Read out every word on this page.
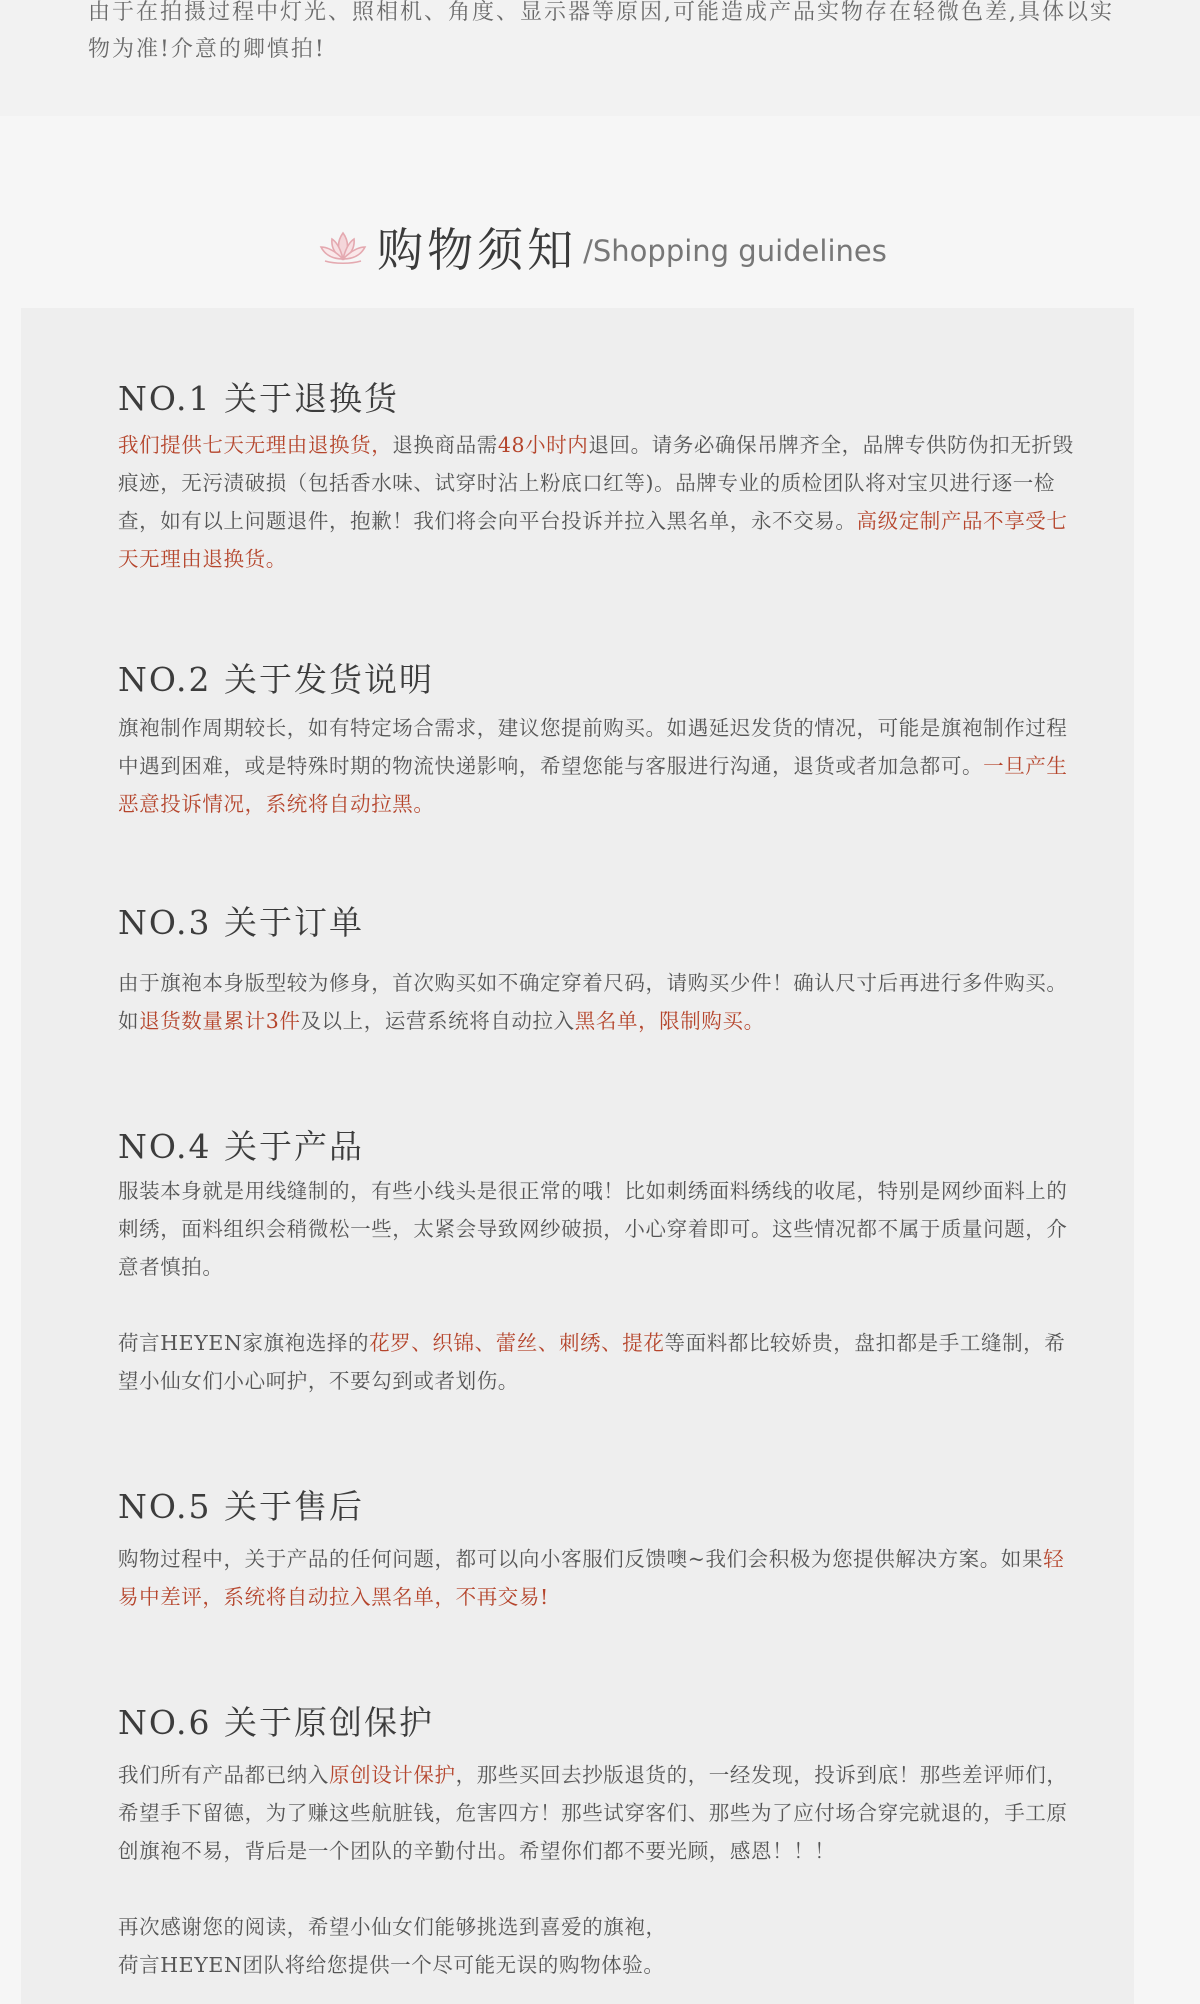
由于在拍摄过程中灯光、照相机、角度、显示器等原因,可能造成产品实物存在轻微色差,具体以实物为准!介意的卿慎拍!

购物须知 /Shopping guidelines
NO.1 关于退换货

我们提供七天无理由退换货，退换商品需48小时内退回。请务必确保吊牌齐全，品牌专供防伪扣无折毁痕迹，无污渍破损（包括香水味、试穿时沾上粉底口红等)。品牌专业的质检团队将对宝贝进行逐一检查，如有以上问题退件，抱歉！我们将会向平台投诉并拉入黑名单，永不交易。高级定制产品不享受七天无理由退换货。

NO.2 关于发货说明

旗袍制作周期较长，如有特定场合需求，建议您提前购买。如遇延迟发货的情况，可能是旗袍制作过程中遇到困难，或是特殊时期的物流快递影响，希望您能与客服进行沟通，退货或者加急都可。一旦产生恶意投诉情况，系统将自动拉黑。

NO.3 关于订单

由于旗袍本身版型较为修身，首次购买如不确定穿着尺码，请购买少件！确认尺寸后再进行多件购买。如退货数量累计3件及以上，运营系统将自动拉入黑名单，限制购买。

NO.4 关于产品

服装本身就是用线缝制的，有些小线头是很正常的哦！比如刺绣面料绣线的收尾，特别是网纱面料上的刺绣，面料组织会稍微松一些，太紧会导致网纱破损，小心穿着即可。这些情况都不属于质量问题，介意者慎拍。

荷言HEYEN家旗袍选择的花罗、织锦、蕾丝、刺绣、提花等面料都比较娇贵，盘扣都是手工缝制，希望小仙女们小心呵护，不要勾到或者划伤。

NO.5 关于售后

购物过程中，关于产品的任何问题，都可以向小客服们反馈噢~我们会积极为您提供解决方案。如果轻易中差评，系统将自动拉入黑名单，不再交易!

NO.6 关于原创保护

我们所有产品都已纳入原创设计保护，那些买回去抄版退货的，一经发现，投诉到底！那些差评师们，希望手下留德，为了赚这些航脏钱，危害四方！那些试穿客们、那些为了应付场合穿完就退的，手工原创旗袍不易，背后是一个团队的辛勤付出。希望你们都不要光顾，感恩！！！

再次感谢您的阅读，希望小仙女们能够挑选到喜爱的旗袍，
荷言HEYEN团队将给您提供一个尽可能无误的购物体验。
